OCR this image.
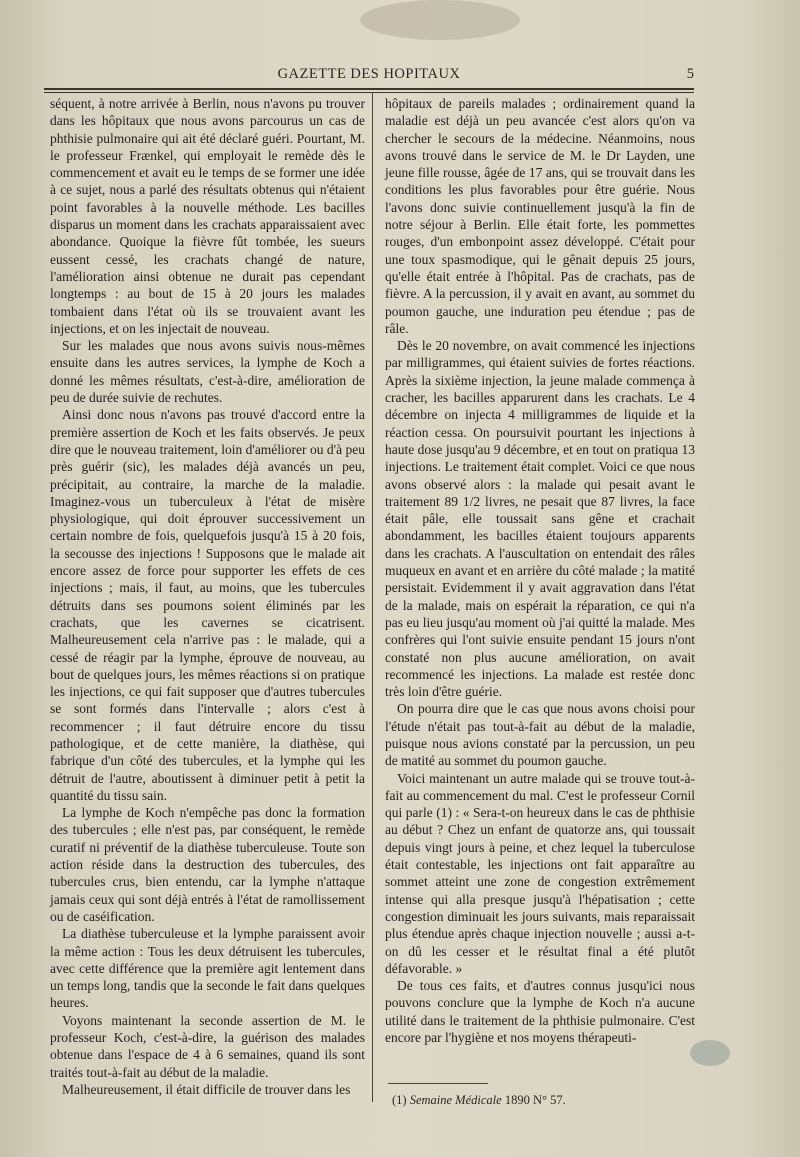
GAZETTE DES HOPITAUX	5

séquent, à notre arrivée à Berlin, nous n'avons pu trouver dans les hôpitaux que nous avons parcourus un cas de phthisie pulmonaire qui ait été déclaré guéri. Pourtant, M. le professeur Frænkel, qui employait le remède dès le commencement et avait eu le temps de se former une idée à ce sujet, nous a parlé des résultats obtenus qui n'étaient point favorables à la nouvelle méthode. Les bacilles disparus un moment dans les crachats apparaissaient avec abondance. Quoique la fièvre fût tombée, les sueurs eussent cessé, les crachats changé de nature, l'amélioration ainsi obtenue ne durait pas cependant longtemps : au bout de 15 à 20 jours les malades tombaient dans l'état où ils se trouvaient avant les injections, et on les injectait de nouveau.

Sur les malades que nous avons suivis nous-mêmes ensuite dans les autres services, la lymphe de Koch a donné les mêmes résultats, c'est-à-dire, amélioration de peu de durée suivie de rechutes.

Ainsi donc nous n'avons pas trouvé d'accord entre la première assertion de Koch et les faits observés. Je peux dire que le nouveau traitement, loin d'améliorer ou d'à peu près guérir (sic), les malades déjà avancés un peu, précipitait, au contraire, la marche de la maladie. Imaginez-vous un tuberculeux à l'état de misère physiologique, qui doit éprouver successivement un certain nombre de fois, quelquefois jusqu'à 15 à 20 fois, la secousse des injections ! Supposons que le malade ait encore assez de force pour supporter les effets de ces injections ; mais, il faut, au moins, que les tubercules détruits dans ses poumons soient éliminés par les crachats, que les cavernes se cicatrisent. Malheureusement cela n'arrive pas : le malade, qui a cessé de réagir par la lymphe, éprouve de nouveau, au bout de quelques jours, les mêmes réactions si on pratique les injections, ce qui fait supposer que d'autres tubercules se sont formés dans l'intervalle ; alors c'est à recommencer ; il faut détruire encore du tissu pathologique, et de cette manière, la diathèse, qui fabrique d'un côté des tubercules, et la lymphe qui les détruit de l'autre, aboutissent à diminuer petit à petit la quantité du tissu sain.

La lymphe de Koch n'empêche pas donc la formation des tubercules ; elle n'est pas, par conséquent, le remède curatif ni préventif de la diathèse tuberculeuse. Toute son action réside dans la destruction des tubercules, des tubercules crus, bien entendu, car la lymphe n'attaque jamais ceux qui sont déjà entrés à l'état de ramollissement ou de caséification.

La diathèse tuberculeuse et la lymphe paraissent avoir la même action : Tous les deux détruisent les tubercules, avec cette différence que la première agit lentement dans un temps long, tandis que la seconde le fait dans quelques heures.

Voyons maintenant la seconde assertion de M. le professeur Koch, c'est-à-dire, la guérison des malades obtenue dans l'espace de 4 à 6 semaines, quand ils sont traités tout-à-fait au début de la maladie.

Malheureusement, il était difficile de trouver dans les

hôpitaux de pareils malades ; ordinairement quand la maladie est déjà un peu avancée c'est alors qu'on va chercher le secours de la médecine. Néanmoins, nous avons trouvé dans le service de M. le Dr Layden, une jeune fille rousse, âgée de 17 ans, qui se trouvait dans les conditions les plus favorables pour être guérie. Nous l'avons donc suivie continuellement jusqu'à la fin de notre séjour à Berlin. Elle était forte, les pommettes rouges, d'un embonpoint assez développé. C'était pour une toux spasmodique, qui le gênait depuis 25 jours, qu'elle était entrée à l'hôpital. Pas de crachats, pas de fièvre. A la percussion, il y avait en avant, au sommet du poumon gauche, une induration peu étendue ; pas de râle.

Dès le 20 novembre, on avait commencé les injections par milligrammes, qui étaient suivies de fortes réactions. Après la sixième injection, la jeune malade commença à cracher, les bacilles apparurent dans les crachats. Le 4 décembre on injecta 4 milligrammes de liquide et la réaction cessa. On poursuivit pourtant les injections à haute dose jusqu'au 9 décembre, et en tout on pratiqua 13 injections. Le traitement était complet. Voici ce que nous avons observé alors : la malade qui pesait avant le traitement 89 1/2 livres, ne pesait que 87 livres, la face était pâle, elle toussait sans gêne et crachait abondamment, les bacilles étaient toujours apparents dans les crachats. A l'auscultation on entendait des râles muqueux en avant et en arrière du côté malade ; la matité persistait. Evidemment il y avait aggravation dans l'état de la malade, mais on espérait la réparation, ce qui n'a pas eu lieu jusqu'au moment où j'ai quitté la malade. Mes confrères qui l'ont suivie ensuite pendant 15 jours n'ont constaté non plus aucune amélioration, on avait recommencé les injections. La malade est restée donc très loin d'être guérie.

On pourra dire que le cas que nous avons choisi pour l'étude n'était pas tout-à-fait au début de la maladie, puisque nous avions constaté par la percussion, un peu de matité au sommet du poumon gauche.

Voici maintenant un autre malade qui se trouve tout-à-fait au commencement du mal. C'est le professeur Cornil qui parle (1) : « Sera-t-on heureux dans le cas de phthisie au début ? Chez un enfant de quatorze ans, qui toussait depuis vingt jours à peine, et chez lequel la tuberculose était contestable, les injections ont fait apparaître au sommet atteint une zone de congestion extrêmement intense qui alla presque jusqu'à l'hépatisation ; cette congestion diminuait les jours suivants, mais reparaissait plus étendue après chaque injection nouvelle ; aussi a-t-on dû les cesser et le résultat final a été plutôt défavorable. »

De tous ces faits, et d'autres connus jusqu'ici nous pouvons conclure que la lymphe de Koch n'a aucune utilité dans le traitement de la phthisie pulmonaire. C'est encore par l'hygiène et nos moyens thérapeuti-

(1) Semaine Médicale 1890 N° 57.
